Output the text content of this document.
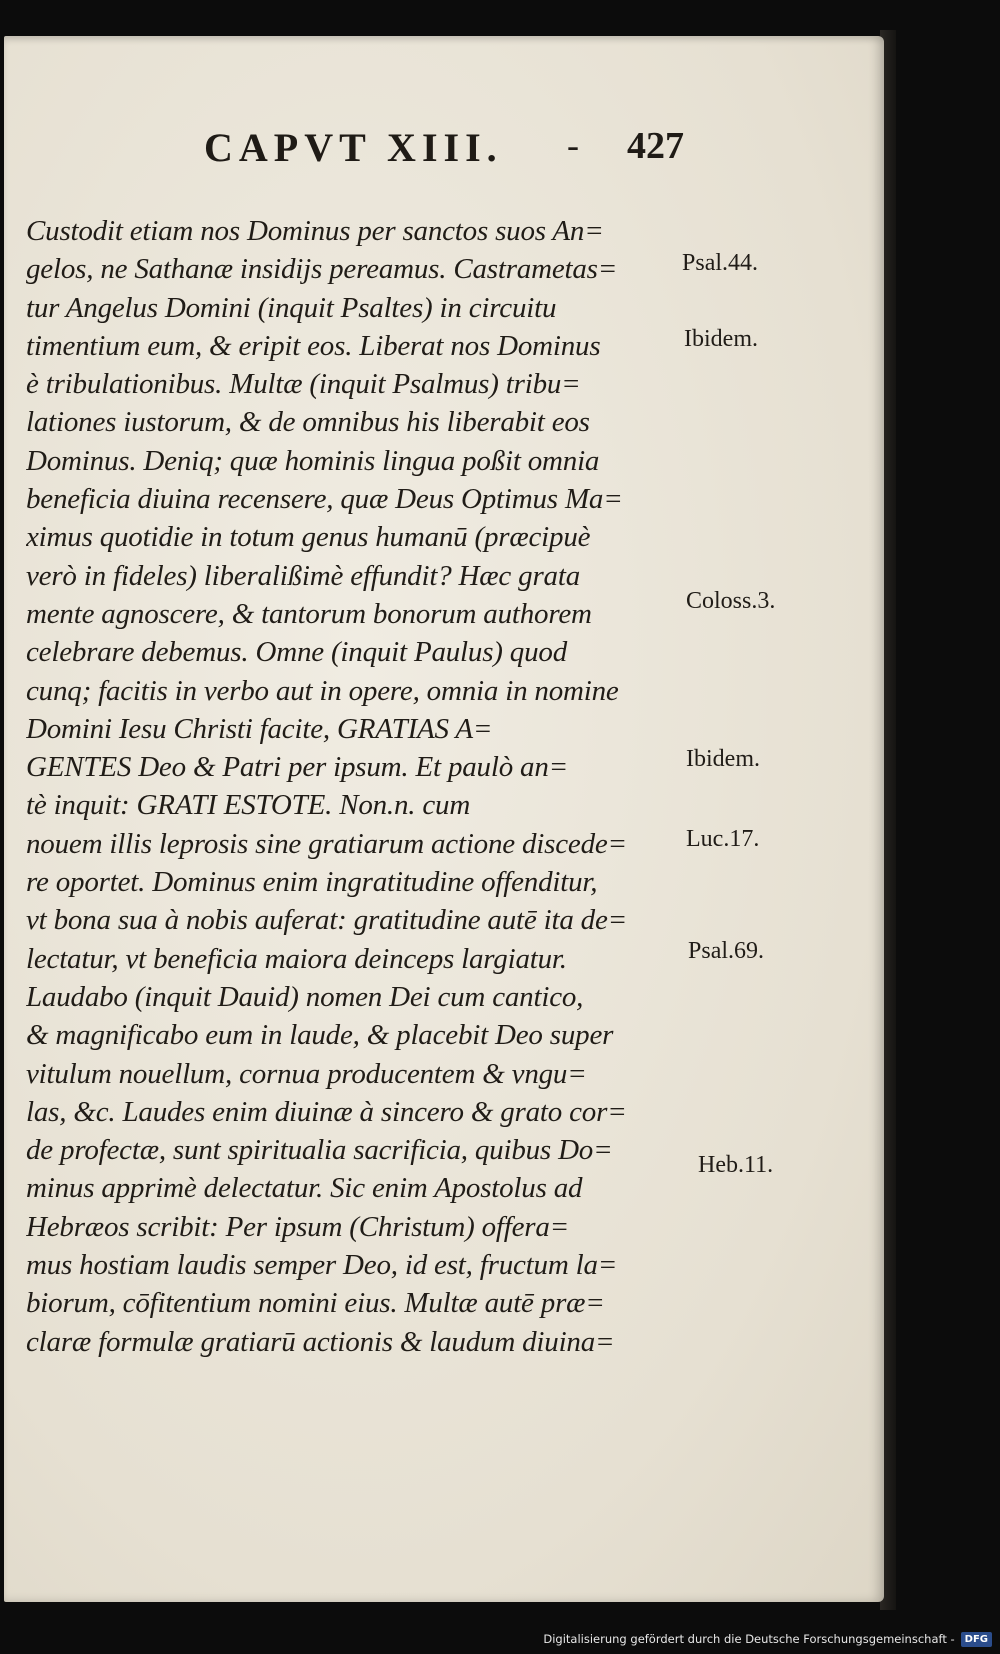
CAPVT XIII. - 427
Custodit etiam nos Dominus per sanctos suos An=
gelos, ne Sathanæ insidijs pereamus. Castrametas=
tur Angelus Domini (inquit Psaltes) in circuitu
timentium eum, & eripit eos. Liberat nos Dominus
è tribulationibus. Multæ (inquit Psalmus) tribu=
lationes iustorum, & de omnibus his liberabit eos
Dominus. Deniq; quæ hominis lingua poßit omnia
beneficia diuina recensere, quæ Deus Optimus Ma=
ximus quotidie in totum genus humanū (præcipuè
verò in fideles) liberalißimè effundit? Hæc grata
mente agnoscere, & tantorum bonorum authorem
celebrare debemus. Omne (inquit Paulus) quod
cunq; facitis in verbo aut in opere, omnia in nomine
Domini Iesu Christi facite, GRATIAS A=
GENTES Deo & Patri per ipsum. Et paulò an=
tè inquit: GRATI ESTOTE. Non.n. cum
nouem illis leprosis sine gratiarum actione discede=
re oportet. Dominus enim ingratitudine offenditur,
vt bona sua à nobis auferat: gratitudine autē ita de=
lectatur, vt beneficia maiora deinceps largiatur.
Laudabo (inquit Dauid) nomen Dei cum cantico,
& magnificabo eum in laude, & placebit Deo super
vitulum nouellum, cornua producentem & vngu=
las, &c. Laudes enim diuinæ à sincero & grato cor=
de profectæ, sunt spiritualia sacrificia, quibus Do=
minus apprimè delectatur. Sic enim Apostolus ad
Hebræos scribit: Per ipsum (Christum) offera=
mus hostiam laudis semper Deo, id est, fructum la=
biorum, cōfitentium nomini eius. Multæ autē præ=
claræ formulæ gratiarū actionis & laudum diuina=
Psal.44.
Ibidem.
Coloss.3.
Ibidem.
Luc.17.
Psal.69.
Heb.11.
Digitalisierung gefördert durch die Deutsche Forschungsgemeinschaft -	DFG
